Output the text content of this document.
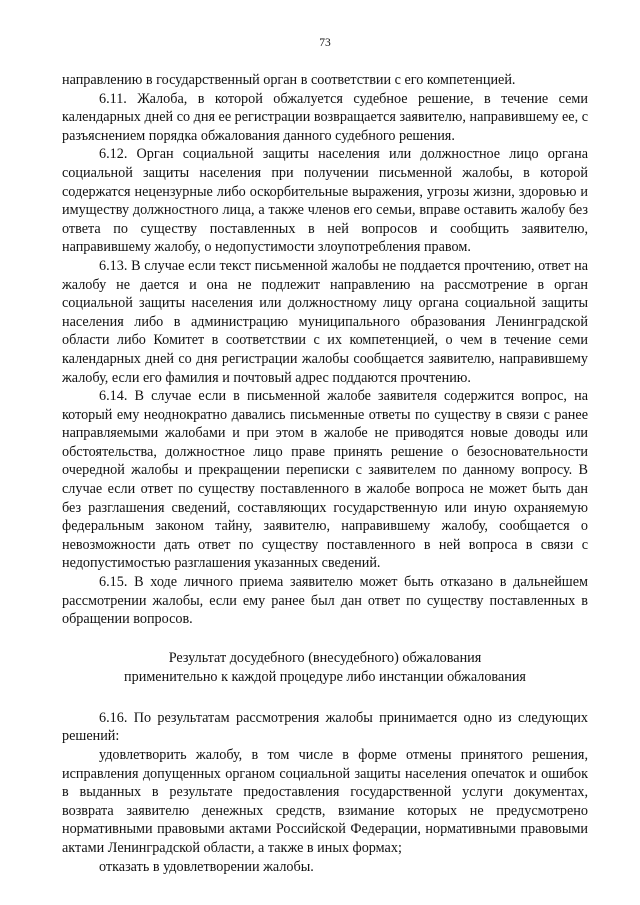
73

направлению в государственный орган в соответствии с его компетенцией.

6.11. Жалоба, в которой обжалуется судебное решение, в течение семи календарных дней со дня ее регистрации возвращается заявителю, направившему ее, с разъяснением порядка обжалования данного судебного решения.

6.12. Орган социальной защиты населения или должностное лицо органа социальной защиты населения при получении письменной жалобы, в которой содержатся нецензурные либо оскорбительные выражения, угрозы жизни, здоровью и имуществу должностного лица, а также членов его семьи, вправе оставить жалобу без ответа по существу поставленных в ней вопросов и сообщить заявителю, направившему жалобу, о недопустимости злоупотребления правом.

6.13. В случае если текст письменной жалобы не поддается прочтению, ответ на жалобу не дается и она не подлежит направлению на рассмотрение в орган социальной защиты населения или должностному лицу органа социальной защиты населения либо в администрацию муниципального образования Ленинградской области либо Комитет в соответствии с их компетенцией, о чем в течение семи календарных дней со дня регистрации жалобы сообщается заявителю, направившему жалобу, если его фамилия и почтовый адрес поддаются прочтению.

6.14. В случае если в письменной жалобе заявителя содержится вопрос, на который ему неоднократно давались письменные ответы по существу в связи с ранее направляемыми жалобами и при этом в жалобе не приводятся новые доводы или обстоятельства, должностное лицо праве принять решение о безосновательности очередной жалобы и прекращении переписки с заявителем по данному вопросу. В случае если ответ по существу поставленного в жалобе вопроса не может быть дан без разглашения сведений, составляющих государственную или иную охраняемую федеральным законом тайну, заявителю, направившему жалобу, сообщается о невозможности дать ответ по существу поставленного в ней вопроса в связи с недопустимостью разглашения указанных сведений.

6.15. В ходе личного приема заявителю может быть отказано в дальнейшем рассмотрении жалобы, если ему ранее был дан ответ по существу поставленных в обращении вопросов.

Результат досудебного (внесудебного) обжалования
применительно к каждой процедуре либо инстанции обжалования

6.16. По результатам рассмотрения жалобы принимается одно из следующих решений:

удовлетворить жалобу, в том числе в форме отмены принятого решения, исправления допущенных органом социальной защиты населения опечаток и ошибок в выданных в результате предоставления государственной услуги документах, возврата заявителю денежных средств, взимание которых не предусмотрено нормативными правовыми актами Российской Федерации, нормативными правовыми актами Ленинградской области, а также в иных формах;

отказать в удовлетворении жалобы.
